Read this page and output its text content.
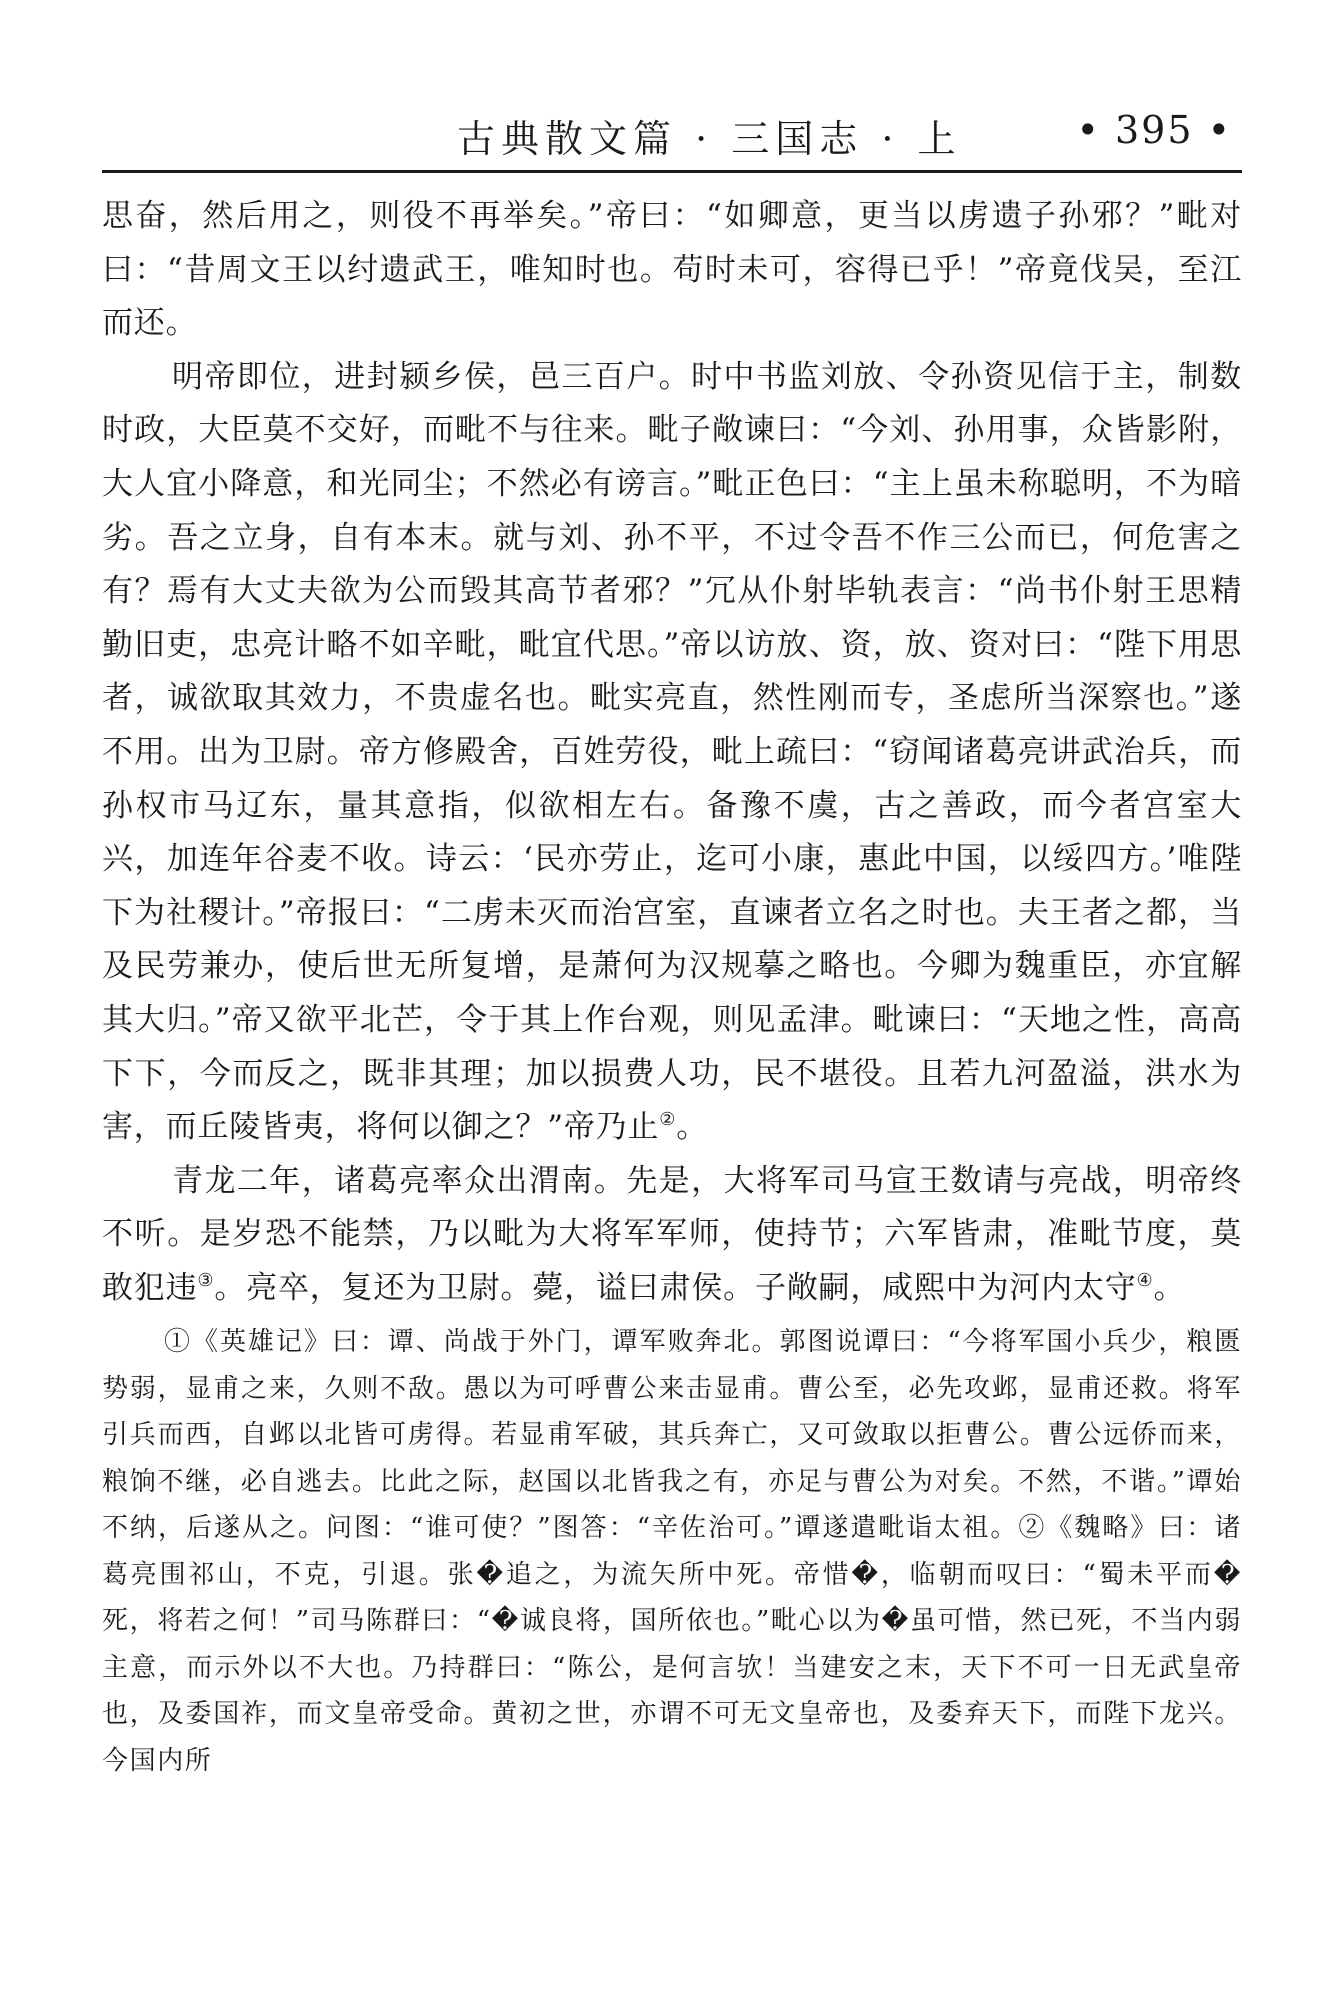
古典散文篇 · 三国志 · 上	• 395 •

思奋，然后用之，则役不再举矣。”帝曰：“如卿意，更当以虏遗子孙邪？”毗对曰：“昔周文王以纣遗武王，唯知时也。苟时未可，容得已乎！”帝竟伐吴，至江而还。

明帝即位，进封颍乡侯，邑三百户。时中书监刘放、令孙资见信于主，制数时政，大臣莫不交好，而毗不与往来。毗子敞谏曰：“今刘、孙用事，众皆影附，大人宜小降意，和光同尘；不然必有谤言。”毗正色曰：“主上虽未称聪明，不为暗劣。吾之立身，自有本末。就与刘、孙不平，不过令吾不作三公而已，何危害之有？焉有大丈夫欲为公而毁其高节者邪？”冗从仆射毕轨表言：“尚书仆射王思精勤旧吏，忠亮计略不如辛毗，毗宜代思。”帝以访放、资，放、资对曰：“陛下用思者，诚欲取其效力，不贵虚名也。毗实亮直，然性刚而专，圣虑所当深察也。”遂不用。出为卫尉。帝方修殿舍，百姓劳役，毗上疏曰：“窃闻诸葛亮讲武治兵，而孙权市马辽东，量其意指，似欲相左右。备豫不虞，古之善政，而今者宫室大兴，加连年谷麦不收。诗云：‘民亦劳止，迄可小康，惠此中国，以绥四方。’唯陛下为社稷计。”帝报曰：“二虏未灭而治宫室，直谏者立名之时也。夫王者之都，当及民劳兼办，使后世无所复增，是萧何为汉规摹之略也。今卿为魏重臣，亦宜解其大归。”帝又欲平北芒，令于其上作台观，则见孟津。毗谏曰：“天地之性，高高下下，今而反之，既非其理；加以损费人功，民不堪役。且若九河盈溢，洪水为害，而丘陵皆夷，将何以御之？”帝乃止②。

青龙二年，诸葛亮率众出渭南。先是，大将军司马宣王数请与亮战，明帝终不听。是岁恐不能禁，乃以毗为大将军军师，使持节；六军皆肃，准毗节度，莫敢犯违③。亮卒，复还为卫尉。薨，谥曰肃侯。子敞嗣，咸熙中为河内太守④。

①《英雄记》曰：谭、尚战于外门，谭军败奔北。郭图说谭曰：“今将军国小兵少，粮匮势弱，显甫之来，久则不敌。愚以为可呼曹公来击显甫。曹公至，必先攻邺，显甫还救。将军引兵而西，自邺以北皆可虏得。若显甫军破，其兵奔亡，又可敛取以拒曹公。曹公远侨而来，粮饷不继，必自逃去。比此之际，赵国以北皆我之有，亦足与曹公为对矣。不然，不谐。”谭始不纳，后遂从之。问图：“谁可使？”图答：“辛佐治可。”谭遂遣毗诣太祖。②《魏略》曰：诸葛亮围祁山，不克，引退。张�追之，为流矢所中死。帝惜�，临朝而叹曰：“蜀未平而�死，将若之何！”司马陈群曰：“�诚良将，国所依也。”毗心以为�虽可惜，然已死，不当内弱主意，而示外以不大也。乃持群曰：“陈公，是何言欤！当建安之末，天下不可一日无武皇帝也，及委国祚，而文皇帝受命。黄初之世，亦谓不可无文皇帝也，及委弃天下，而陛下龙兴。今国内所
